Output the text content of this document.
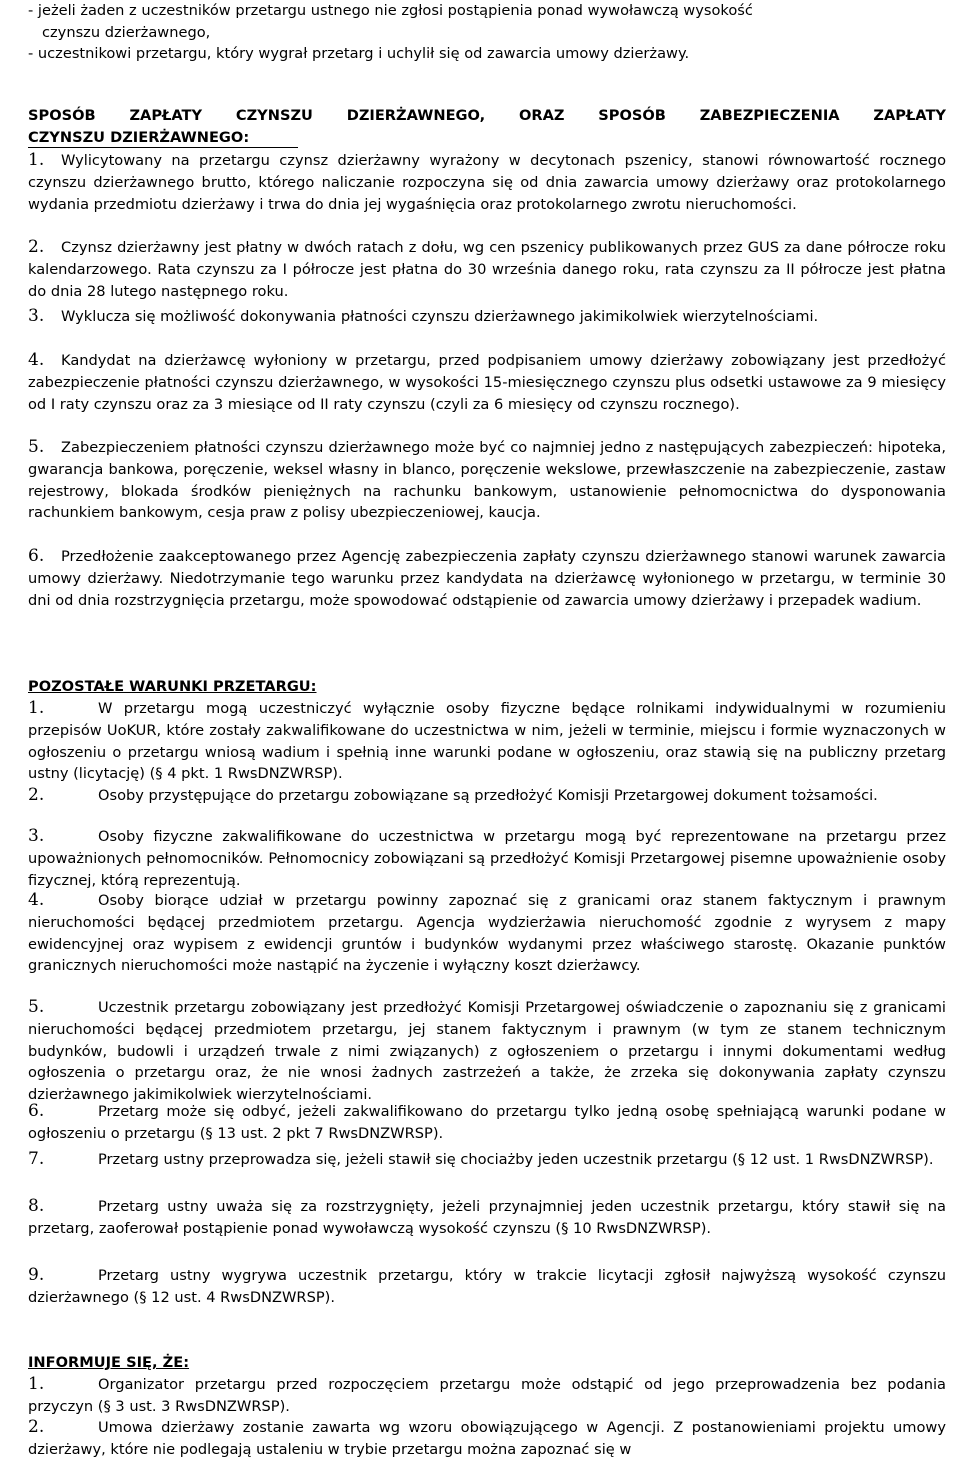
- jeżeli żaden z uczestników przetargu ustnego nie zgłosi postąpienia ponad wywoławczą wysokość
czynszu dzierżawnego,

- uczestnikowi przetargu, który wygrał przetarg i uchylił się od zawarcia umowy dzierżawy.

SPOSÓB ZAPŁATY CZYNSZU DZIERŻAWNEGO, ORAZ SPOSÓB ZABEZPIECZENIA ZAPŁATY
CZYNSZU DZIERŻAWNEGO:

1. Wylicytowany na przetargu czynsz dzierżawny wyrażony w decytonach pszenicy, stanowi równowartość rocznego czynszu dzierżawnego brutto, którego naliczanie rozpoczyna się od dnia zawarcia umowy dzierżawy oraz protokolarnego wydania przedmiotu dzierżawy i trwa do dnia jej wygaśnięcia oraz protokolarnego zwrotu nieruchomości.

2. Czynsz dzierżawny jest płatny w dwóch ratach z dołu, wg cen pszenicy publikowanych przez GUS za dane półrocze roku kalendarzowego. Rata czynszu za I półrocze jest płatna do 30 września danego roku, rata czynszu za II półrocze jest płatna do dnia 28 lutego następnego roku.

3. Wyklucza się możliwość dokonywania płatności czynszu dzierżawnego jakimikolwiek wierzytelnościami.

4. Kandydat na dzierżawcę wyłoniony w przetargu, przed podpisaniem umowy dzierżawy zobowiązany jest przedłożyć zabezpieczenie płatności czynszu dzierżawnego, w wysokości 15-miesięcznego czynszu plus odsetki ustawowe za 9 miesięcy od I raty czynszu oraz za 3 miesiące od II raty czynszu (czyli za 6 miesięcy od czynszu rocznego).

5. Zabezpieczeniem płatności czynszu dzierżawnego może być co najmniej jedno z następujących zabezpieczeń: hipoteka, gwarancja bankowa, poręczenie, weksel własny in blanco, poręczenie wekslowe, przewłaszczenie na zabezpieczenie, zastaw rejestrowy, blokada środków pieniężnych na rachunku bankowym, ustanowienie pełnomocnictwa do dysponowania rachunkiem bankowym, cesja praw z polisy ubezpieczeniowej, kaucja.

6. Przedłożenie zaakceptowanego przez Agencję zabezpieczenia zapłaty czynszu dzierżawnego stanowi warunek zawarcia umowy dzierżawy. Niedotrzymanie tego warunku przez kandydata na dzierżawcę wyłonionego w przetargu, w terminie 30 dni od dnia rozstrzygnięcia przetargu, może spowodować odstąpienie od zawarcia umowy dzierżawy i przepadek wadium.

POZOSTAŁE WARUNKI PRZETARGU:

1.	W przetargu mogą uczestniczyć wyłącznie osoby fizyczne będące rolnikami indywidualnymi w rozumieniu przepisów UoKUR, które zostały zakwalifikowane do uczestnictwa w nim, jeżeli w terminie, miejscu i formie wyznaczonych w ogłoszeniu o przetargu wniosą wadium i spełnią inne warunki podane w ogłoszeniu, oraz stawią się na publiczny przetarg ustny (licytację) (§ 4 pkt. 1 RwsDNZWRSP).

2.	Osoby przystępujące do przetargu zobowiązane są przedłożyć Komisji Przetargowej dokument tożsamości.

3.	Osoby fizyczne zakwalifikowane do uczestnictwa w przetargu mogą być reprezentowane na przetargu przez upoważnionych pełnomocników. Pełnomocnicy zobowiązani są przedłożyć Komisji Przetargowej pisemne upoważnienie osoby fizycznej, którą reprezentują.

4.	Osoby biorące udział w przetargu powinny zapoznać się z granicami oraz stanem faktycznym i prawnym nieruchomości będącej przedmiotem przetargu. Agencja wydzierżawia nieruchomość zgodnie z wyrysem z mapy ewidencyjnej oraz wypisem z ewidencji gruntów i budynków wydanymi przez właściwego starostę. Okazanie punktów granicznych nieruchomości może nastąpić na życzenie i wyłączny koszt dzierżawcy.

5.	Uczestnik przetargu zobowiązany jest przedłożyć Komisji Przetargowej oświadczenie o zapoznaniu się z granicami nieruchomości będącej przedmiotem przetargu, jej stanem faktycznym i prawnym (w tym ze stanem technicznym budynków, budowli i urządzeń trwale z nimi związanych) z ogłoszeniem o przetargu i innymi dokumentami według ogłoszenia o przetargu oraz, że nie wnosi żadnych zastrzeżeń a także, że zrzeka się dokonywania zapłaty czynszu dzierżawnego jakimikolwiek wierzytelnościami.

6.	Przetarg może się odbyć, jeżeli zakwalifikowano do przetargu tylko jedną osobę spełniającą warunki podane w ogłoszeniu o przetargu (§ 13 ust. 2 pkt 7 RwsDNZWRSP).

7.	Przetarg ustny przeprowadza się, jeżeli stawił się chociażby jeden uczestnik przetargu (§ 12 ust. 1 RwsDNZWRSP).

8.	Przetarg ustny uważa się za rozstrzygnięty, jeżeli przynajmniej jeden uczestnik przetargu, który stawił się na przetarg, zaoferował postąpienie ponad wywoławczą wysokość czynszu (§ 10 RwsDNZWRSP).

9.	Przetarg ustny wygrywa uczestnik przetargu, który w trakcie licytacji zgłosił najwyższą wysokość czynszu dzierżawnego (§ 12 ust. 4 RwsDNZWRSP).

INFORMUJE SIĘ, ŻE:

1.	Organizator przetargu przed rozpoczęciem przetargu może odstąpić od jego przeprowadzenia bez podania przyczyn (§ 3 ust. 3 RwsDNZWRSP).

2.	Umowa dzierżawy zostanie zawarta wg wzoru obowiązującego w Agencji. Z postanowieniami projektu umowy dzierżawy, które nie podlegają ustaleniu w trybie przetargu można zapoznać się w
